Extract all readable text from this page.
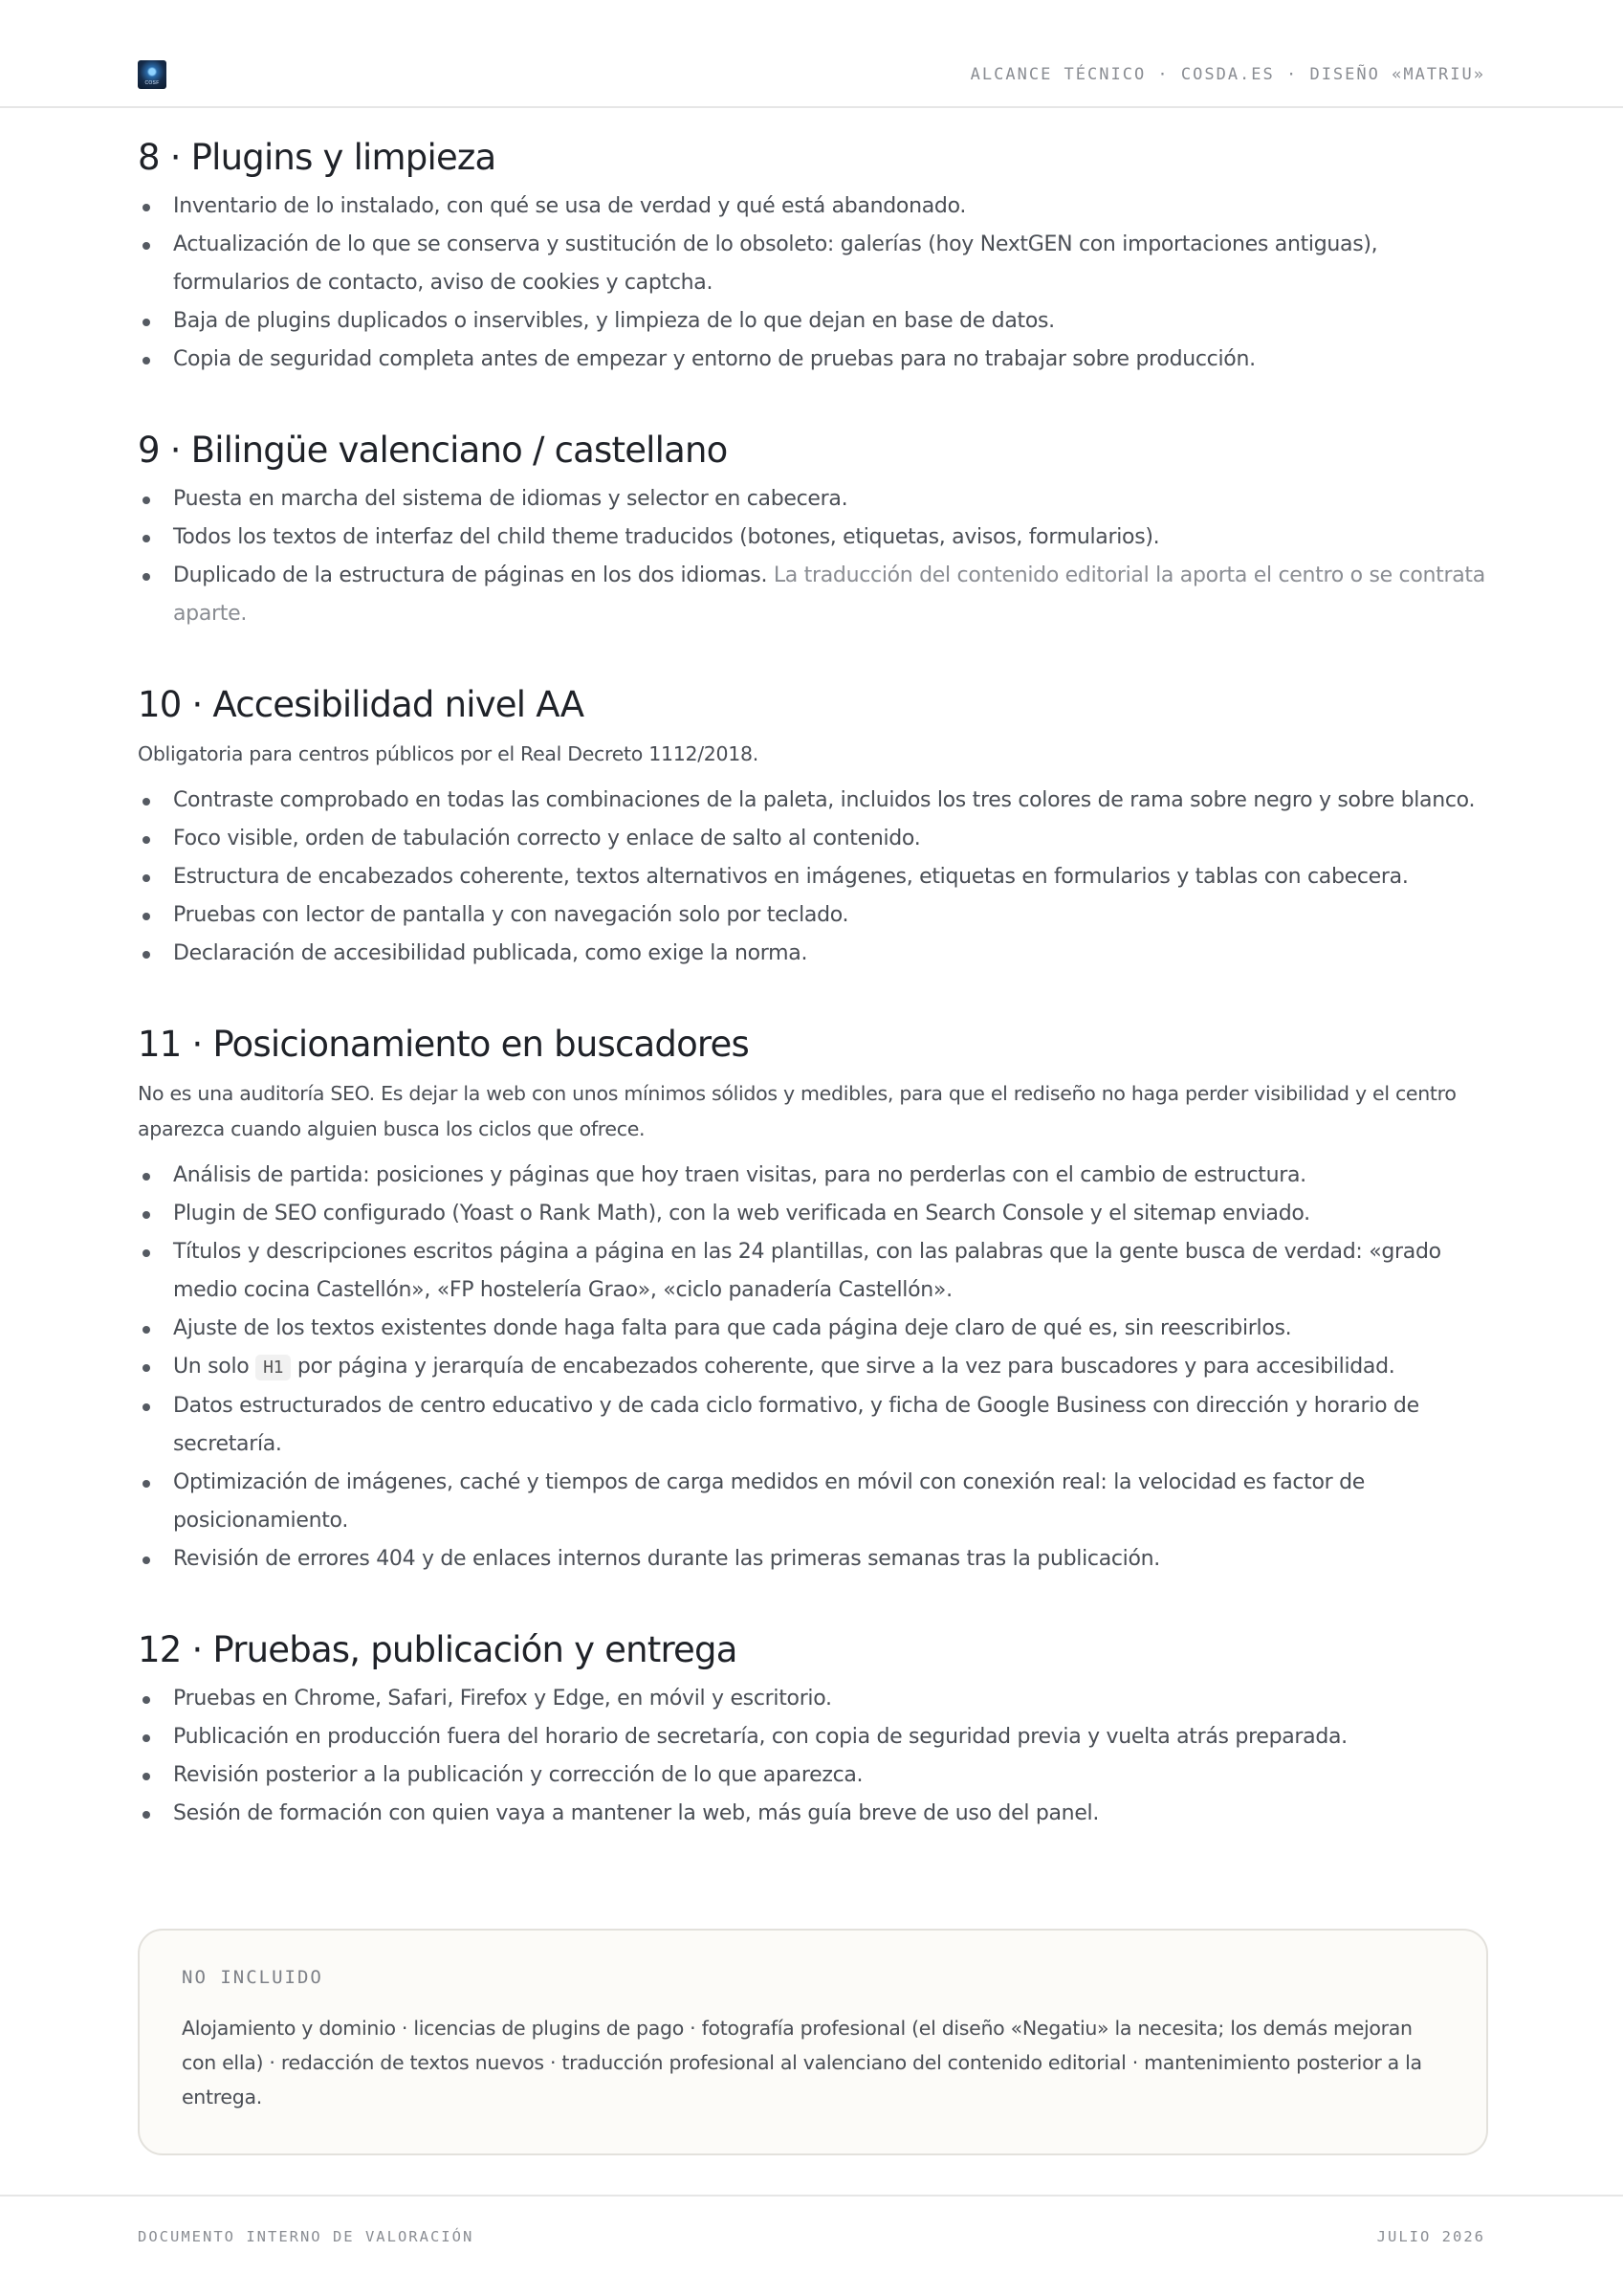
COSF	ALCANCE TÉCNICO · COSDA.ES · DISEÑO «MATRIU»
8 · Plugins y limpieza
Inventario de lo instalado, con qué se usa de verdad y qué está abandonado.
Actualización de lo que se conserva y sustitución de lo obsoleto: galerías (hoy NextGEN con importaciones antiguas), formularios de contacto, aviso de cookies y captcha.
Baja de plugins duplicados o inservibles, y limpieza de lo que dejan en base de datos.
Copia de seguridad completa antes de empezar y entorno de pruebas para no trabajar sobre producción.
9 · Bilingüe valenciano / castellano
Puesta en marcha del sistema de idiomas y selector en cabecera.
Todos los textos de interfaz del child theme traducidos (botones, etiquetas, avisos, formularios).
Duplicado de la estructura de páginas en los dos idiomas. La traducción del contenido editorial la aporta el centro o se contrata aparte.
10 · Accesibilidad nivel AA

Obligatoria para centros públicos por el Real Decreto 1112/2018.

Contraste comprobado en todas las combinaciones de la paleta, incluidos los tres colores de rama sobre negro y sobre blanco.
Foco visible, orden de tabulación correcto y enlace de salto al contenido.
Estructura de encabezados coherente, textos alternativos en imágenes, etiquetas en formularios y tablas con cabecera.
Pruebas con lector de pantalla y con navegación solo por teclado.
Declaración de accesibilidad publicada, como exige la norma.
11 · Posicionamiento en buscadores

No es una auditoría SEO. Es dejar la web con unos mínimos sólidos y medibles, para que el rediseño no haga perder visibilidad y el centro aparezca cuando alguien busca los ciclos que ofrece.

Análisis de partida: posiciones y páginas que hoy traen visitas, para no perderlas con el cambio de estructura.
Plugin de SEO configurado (Yoast o Rank Math), con la web verificada en Search Console y el sitemap enviado.
Títulos y descripciones escritos página a página en las 24 plantillas, con las palabras que la gente busca de verdad: «grado medio cocina Castellón», «FP hostelería Grao», «ciclo panadería Castellón».
Ajuste de los textos existentes donde haga falta para que cada página deje claro de qué es, sin reescribirlos.
Un solo H1 por página y jerarquía de encabezados coherente, que sirve a la vez para buscadores y para accesibilidad.
Datos estructurados de centro educativo y de cada ciclo formativo, y ficha de Google Business con dirección y horario de secretaría.
Optimización de imágenes, caché y tiempos de carga medidos en móvil con conexión real: la velocidad es factor de posicionamiento.
Revisión de errores 404 y de enlaces internos durante las primeras semanas tras la publicación.
12 · Pruebas, publicación y entrega
Pruebas en Chrome, Safari, Firefox y Edge, en móvil y escritorio.
Publicación en producción fuera del horario de secretaría, con copia de seguridad previa y vuelta atrás preparada.
Revisión posterior a la publicación y corrección de lo que aparezca.
Sesión de formación con quien vaya a mantener la web, más guía breve de uso del panel.

NO INCLUIDO

Alojamiento y dominio · licencias de plugins de pago · fotografía profesional (el diseño «Negatiu» la necesita; los demás mejoran con ella) · redacción de textos nuevos · traducción profesional al valenciano del contenido editorial · mantenimiento posterior a la entrega.

DOCUMENTO INTERNO DE VALORACIÓN	JULIO 2026
